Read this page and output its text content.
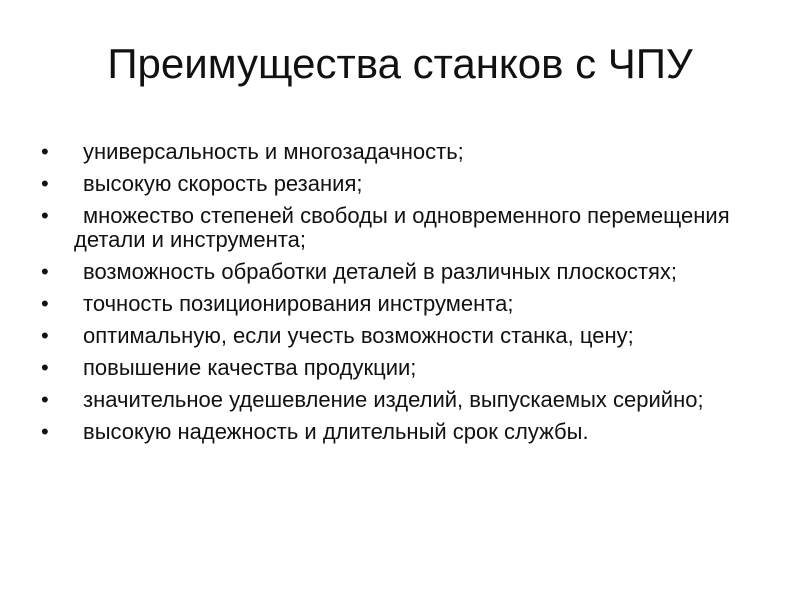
Преимущества станков с ЧПУ
•	универсальность и многозадачность;
•	высокую скорость резания;
•	множество степеней свободы и одновременного перемещения детали и инструмента;
•	возможность обработки деталей в различных плоскостях;
•	точность позиционирования инструмента;
•	оптимальную, если учесть возможности станка, цену;
•	повышение качества продукции;
•	значительное удешевление изделий, выпускаемых серийно;
•	высокую надежность и длительный срок службы.
